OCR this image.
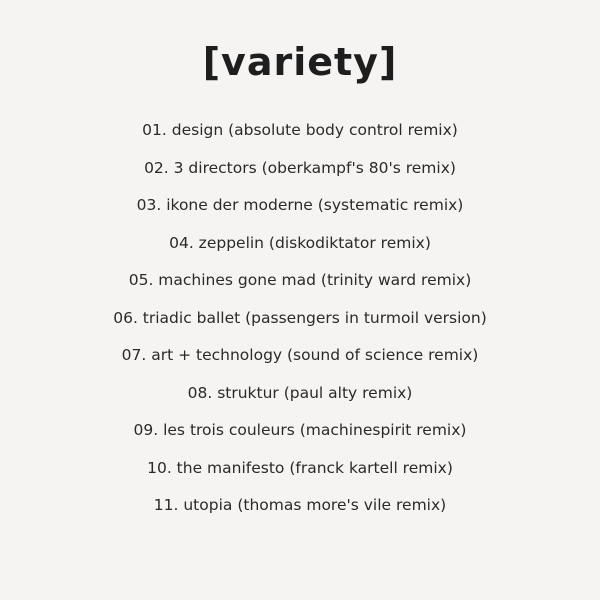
[variety]
01. design (absolute body control remix)
02. 3 directors (oberkampf's 80's remix)
03. ikone der moderne (systematic remix)
04. zeppelin (diskodiktator remix)
05. machines gone mad (trinity ward remix)
06. triadic ballet (passengers in turmoil version)
07. art + technology (sound of science remix)
08. struktur (paul alty remix)
09. les trois couleurs (machinespirit remix)
10. the manifesto (franck kartell remix)
11. utopia (thomas more's vile remix)
